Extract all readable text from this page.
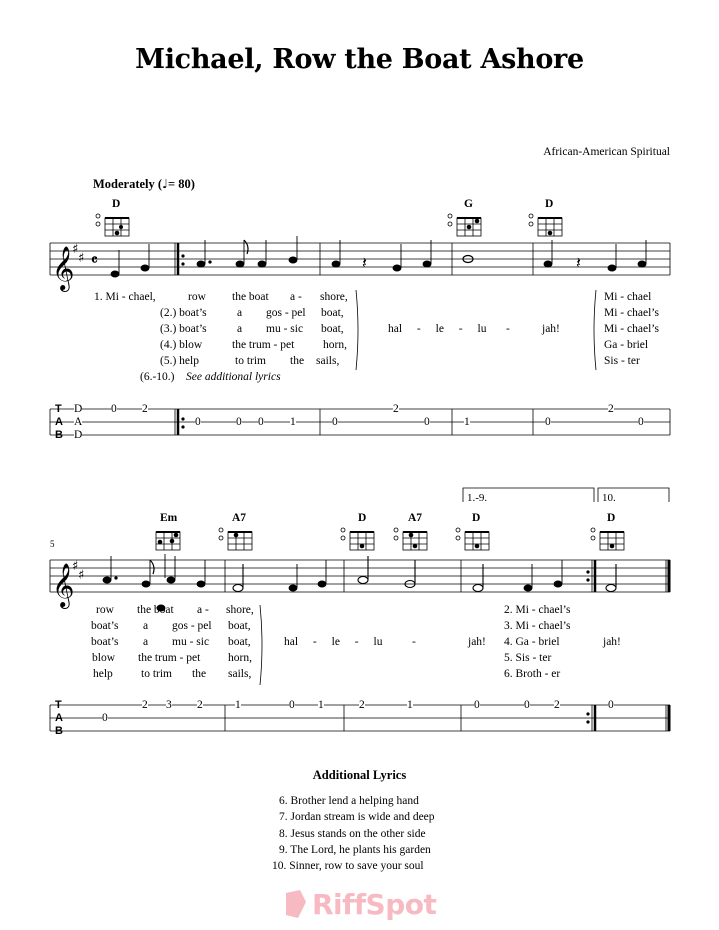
Michael, Row the Boat Ashore
African-American Spiritual
Moderately (♩= 80)
D	G	D
Em	A7	D	A7	D	D
5
1.-9.	10.
𝄞
♯
♯ 𝄴
𝄞
♯
♯
T
A
B
T
A
B
𝄽	𝄽
D
A
D
0 2
0	0 0 1	0
2
0	1	0
2
0
0
2 3 2	1	0 1	2	1	0	0 2	0
1. Mi - chael,	row the boat a - shore,
(2.) boat’s	a gos - pel boat,
(3.) boat’s	a mu - sic boat,
(4.) blow	the trum - pet horn,
(5.) help	to trim the sails,
(6.-10.) See additional lyrics
hal - le - lu -	jah!
Mi - chael
Mi - chael’s
Mi - chael’s
Ga - briel
Sis - ter
row the boat a - shore,
boat’s a gos - pel boat,
boat’s a mu - sic boat,
blow the trum - pet horn,
help to trim the sails,
hal - le - lu	-	jah!
2. Mi - chael’s
3. Mi - chael’s
4. Ga - briel
5. Sis - ter
6. Broth - er
jah!
Additional Lyrics
6. Brother lend a helping hand
7. Jordan stream is wide and deep
8. Jesus stands on the other side
9. The Lord, he plants his garden
10. Sinner, row to save your soul
RiffSpot
